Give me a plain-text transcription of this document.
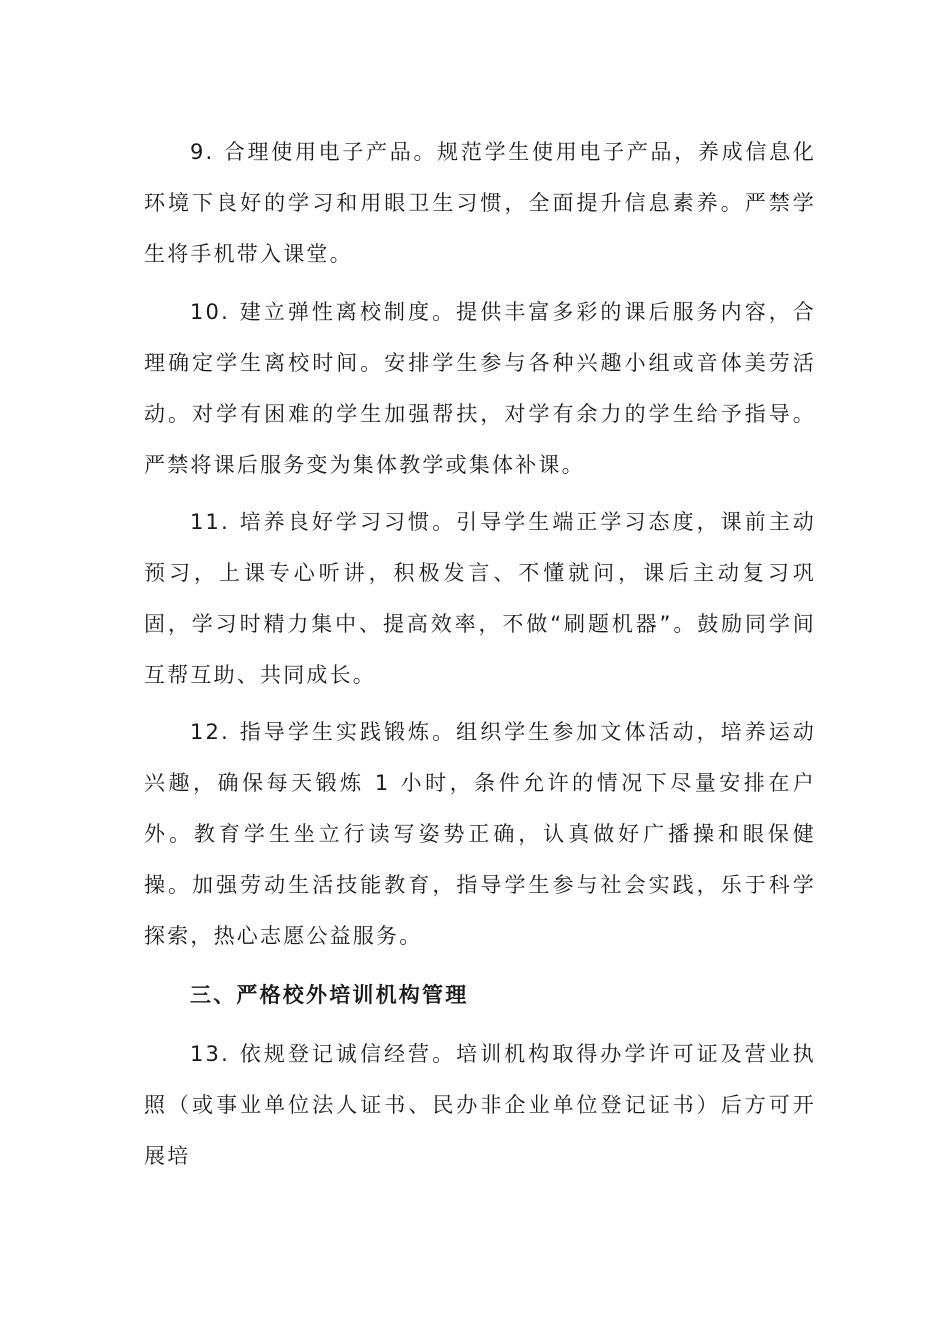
9. 合理使用电子产品。规范学生使用电子产品，养成信息化环境下良好的学习和用眼卫生习惯，全面提升信息素养。严禁学生将手机带入课堂。

10. 建立弹性离校制度。提供丰富多彩的课后服务内容，合理确定学生离校时间。安排学生参与各种兴趣小组或音体美劳活动。对学有困难的学生加强帮扶，对学有余力的学生给予指导。严禁将课后服务变为集体教学或集体补课。

11. 培养良好学习习惯。引导学生端正学习态度，课前主动预习，上课专心听讲，积极发言、不懂就问，课后主动复习巩固，学习时精力集中、提高效率，不做“刷题机器”。鼓励同学间互帮互助、共同成长。

12. 指导学生实践锻炼。组织学生参加文体活动，培养运动兴趣，确保每天锻炼 1 小时，条件允许的情况下尽量安排在户外。教育学生坐立行读写姿势正确，认真做好广播操和眼保健操。加强劳动生活技能教育，指导学生参与社会实践，乐于科学探索，热心志愿公益服务。

三、严格校外培训机构管理

13. 依规登记诚信经营。培训机构取得办学许可证及营业执照（或事业单位法人证书、民办非企业单位登记证书）后方可开展培
